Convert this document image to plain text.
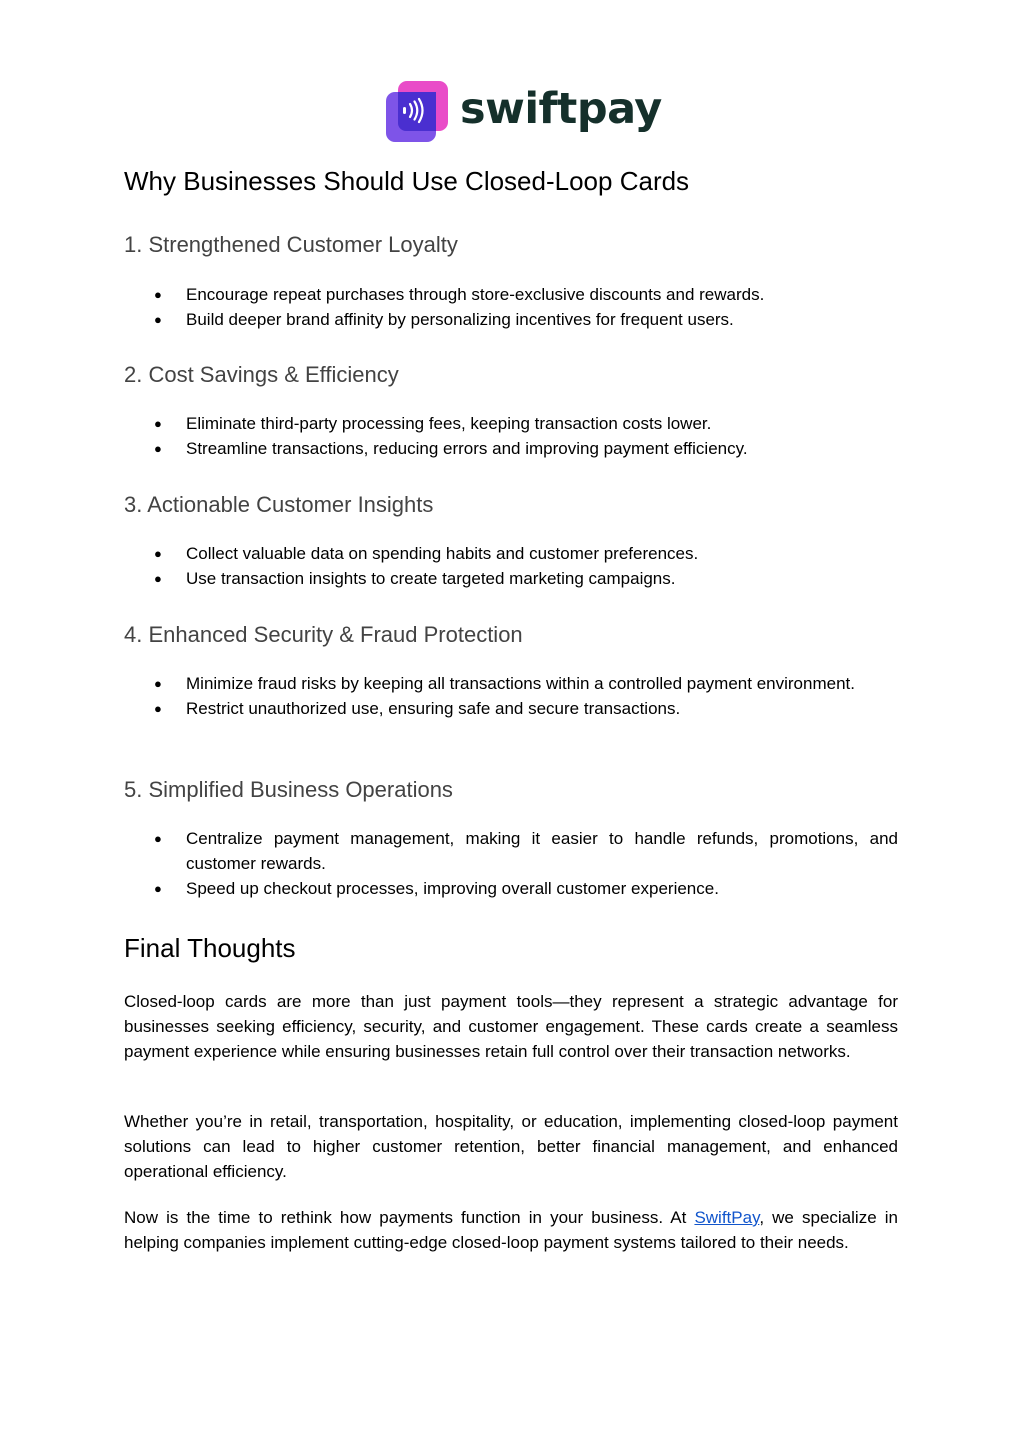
swiftpay
Why Businesses Should Use Closed-Loop Cards
1. Strengthened Customer Loyalty
● Encourage repeat purchases through store-exclusive discounts and rewards.
● Build deeper brand affinity by personalizing incentives for frequent users.
2. Cost Savings & Efficiency
● Eliminate third-party processing fees, keeping transaction costs lower.
● Streamline transactions, reducing errors and improving payment efficiency.
3. Actionable Customer Insights
● Collect valuable data on spending habits and customer preferences.
● Use transaction insights to create targeted marketing campaigns.
4. Enhanced Security & Fraud Protection
● Minimize fraud risks by keeping all transactions within a controlled payment environment.
● Restrict unauthorized use, ensuring safe and secure transactions.
5. Simplified Business Operations
● Centralize payment management, making it easier to handle refunds, promotions, and customer rewards.
● Speed up checkout processes, improving overall customer experience.
Final Thoughts

Closed-loop cards are more than just payment tools—they represent a strategic advantage for businesses seeking efficiency, security, and customer engagement. These cards create a seamless payment experience while ensuring businesses retain full control over their transaction networks.

Whether you’re in retail, transportation, hospitality, or education, implementing closed-loop payment solutions can lead to higher customer retention, better financial management, and enhanced operational efficiency.

Now is the time to rethink how payments function in your business. At SwiftPay, we specialize in helping companies implement cutting-edge closed-loop payment systems tailored to their needs.
